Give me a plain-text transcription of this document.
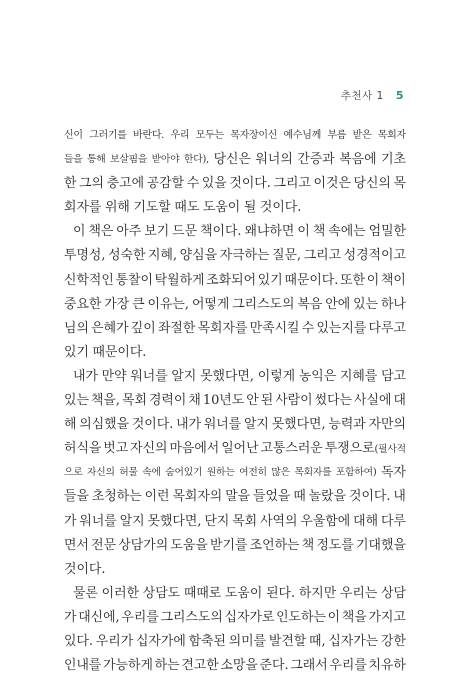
추천사 1 5
신이 그러기를 바란다. 우리 모두는 목자장이신 예수님께 부름 받은 목회자
들을 통해 보살핌을 받아야 한다), 당신은 워너의 간증과 복음에 기초
한 그의 충고에 공감할 수 있을 것이다. 그리고 이것은 당신의 목
회자를 위해 기도할 때도 도움이 될 것이다.
이 책은 아주 보기 드문 책이다. 왜냐하면 이 책 속에는 엄밀한
투명성, 성숙한 지혜, 양심을 자극하는 질문, 그리고 성경적이고
신학적인 통찰이 탁월하게 조화되어 있기 때문이다. 또한 이 책이
중요한 가장 큰 이유는, 어떻게 그리스도의 복음 안에 있는 하나
님의 은혜가 깊이 좌절한 목회자를 만족시킬 수 있는지를 다루고
있기 때문이다.
내가 만약 워너를 알지 못했다면, 이렇게 농익은 지혜를 담고
있는 책을, 목회 경력이 채 10년도 안 된 사람이 썼다는 사실에 대
해 의심했을 것이다. 내가 워너를 알지 못했다면, 능력과 자만의
허식을 벗고 자신의 마음에서 일어난 고통스러운 투쟁으로(필사적
으로 자신의 허물 속에 숨어있기 원하는 여전히 많은 목회자를 포함하여) 독자
들을 초청하는 이런 목회자의 말을 들었을 때 놀랐을 것이다. 내
가 워너를 알지 못했다면, 단지 목회 사역의 우울함에 대해 다루
면서 전문 상담가의 도움을 받기를 조언하는 책 정도를 기대했을
것이다.
물론 이러한 상담도 때때로 도움이 된다. 하지만 우리는 상담
가 대신에, 우리를 그리스도의 십자가로 인도하는 이 책을 가지고
있다. 우리가 십자가에 함축된 의미를 발견할 때, 십자가는 강한
인내를 가능하게 하는 견고한 소망을 준다. 그래서 우리를 치유하
